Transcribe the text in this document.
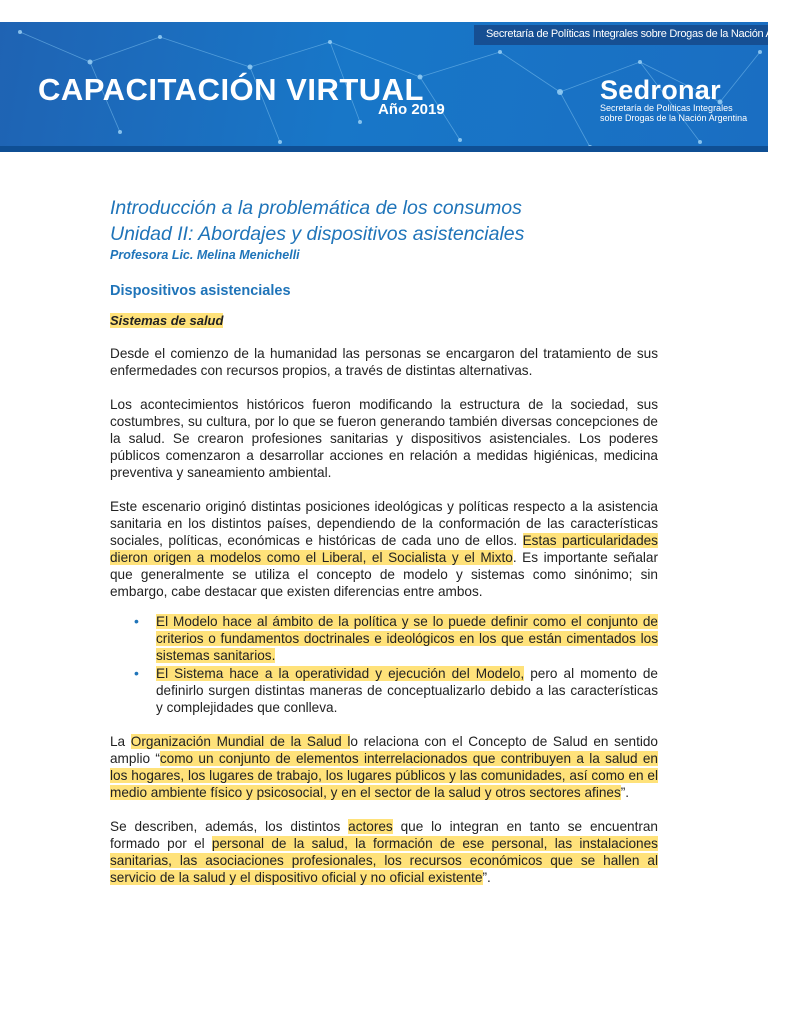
Secretaría de Políticas Integrales sobre Drogas de la Nación Argentina
CAPACITACIÓN VIRTUAL
Año 2019
Sedronar
Secretaría de Políticas Integrales
sobre Drogas de la Nación Argentina

Introducción a la problemática de los consumos

Unidad II: Abordajes y dispositivos asistenciales

Profesora Lic. Melina Menichelli

Dispositivos asistenciales

Sistemas de salud

Desde el comienzo de la humanidad las personas se encargaron del tratamiento de sus enfermedades con recursos propios, a través de distintas alternativas.

Los acontecimientos históricos fueron modificando la estructura de la sociedad, sus costumbres, su cultura, por lo que se fueron generando también diversas concepciones de la salud. Se crearon profesiones sanitarias y dispositivos asistenciales. Los poderes públicos comenzaron a desarrollar acciones en relación a medidas higiénicas, medicina preventiva y saneamiento ambiental.

Este escenario originó distintas posiciones ideológicas y políticas respecto a la asistencia sanitaria en los distintos países, dependiendo de la conformación de las características sociales, políticas, económicas e históricas de cada uno de ellos. Estas particularidades dieron origen a modelos como el Liberal, el Socialista y el Mixto. Es importante señalar que generalmente se utiliza el concepto de modelo y sistemas como sinónimo; sin embargo, cabe destacar que existen diferencias entre ambos.

• El Modelo hace al ámbito de la política y se lo puede definir como el conjunto de criterios o fundamentos doctrinales e ideológicos en los que están cimentados los sistemas sanitarios.
• El Sistema hace a la operatividad y ejecución del Modelo, pero al momento de definirlo surgen distintas maneras de conceptualizarlo debido a las características y complejidades que conlleva.

La Organización Mundial de la Salud lo relaciona con el Concepto de Salud en sentido amplio “como un conjunto de elementos interrelacionados que contribuyen a la salud en los hogares, los lugares de trabajo, los lugares públicos y las comunidades, así como en el medio ambiente físico y psicosocial, y en el sector de la salud y otros sectores afines”.

Se describen, además, los distintos actores que lo integran en tanto se encuentran formado por el personal de la salud, la formación de ese personal, las instalaciones sanitarias, las asociaciones profesionales, los recursos económicos que se hallen al servicio de la salud y el dispositivo oficial y no oficial existente”.
